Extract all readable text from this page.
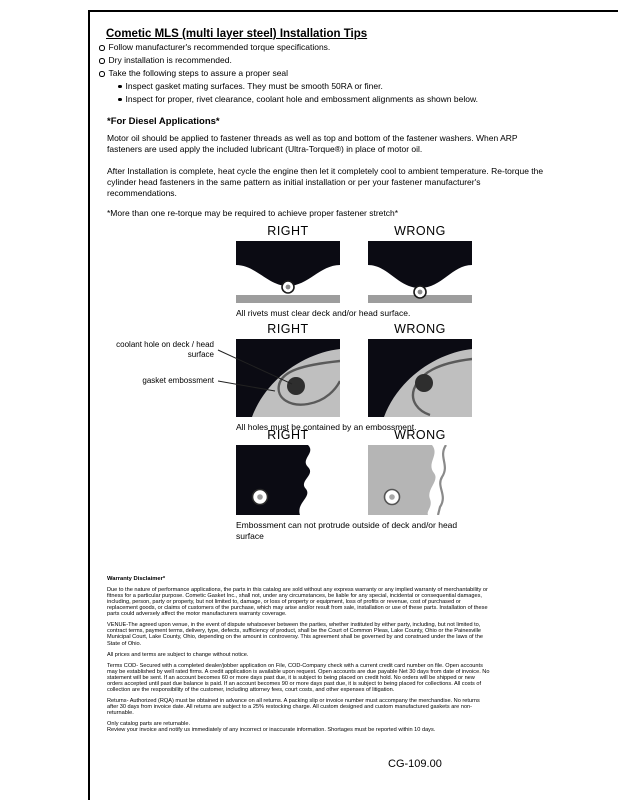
Cometic MLS (multi layer steel) Installation Tips
Follow manufacturer's recommended torque specifications.
Dry installation is recommended.
Take the following steps to assure a proper seal
Inspect gasket mating surfaces. They must be smooth 50RA or finer.
Inspect for proper, rivet clearance, coolant hole and embossment alignments as shown below.
*For Diesel Applications*
Motor oil should be applied to fastener threads as well as top and bottom of the fastener washers. When ARP fasteners are used apply the included lubricant (Ultra-Torque®) in place of motor oil.
After Installation is complete, heat cycle the engine then let it completely cool to ambient temperature. Re-torque the cylinder head fasteners in the same pattern as initial installation or per your fastener manufacturer's recommendations.
*More than one re-torque may be required to achieve proper fastener stretch*
RIGHT	WRONG
All rivets must clear deck and/or head surface.
RIGHT	WRONG
All holes must be contained by an embossment.
coolant hole on deck / head surface
gasket embossment
RIGHT	WRONG
Embossment can not protrude outside of deck and/or head surface
Warranty Disclaimer*

Due to the nature of performance applications, the parts in this catalog are sold without any express warranty or any implied warranty of merchantability or fitness for a particular purpose. Cometic Gasket Inc., shall not, under any circumstances, be liable for any special, incidental or consequential damages, including, person, party or property, but not limited to, damage, or loss of property or equipment, loss of profits or revenue, cost of purchased or replacement goods, or claims of customers of the purchase, which may arise and/or result from sale, installation or use of these parts. Installation of these parts could adversely affect the motor manufacturers warranty coverage.

VENUE-The agreed upon venue, in the event of dispute whatsoever between the parties, whether instituted by either party, including, but not limited to, contract terms, payment terms, delivery, type, defects, sufficiency of product, shall be the Court of Common Pleas, Lake County, Ohio or the Painesville Municipal Court, Lake County, Ohio, depending on the amount in controversy. This agreement shall be governed by and construed under the laws of the State of Ohio.

All prices and terms are subject to change without notice.

Terms COD- Secured with a completed dealer/jobber application on File, COD-Company check with a current credit card number on file. Open accounts may be established by well rated firms. A credit application is available upon request. Open accounts are due payable Net 30 days from date of invoice. No statement will be sent. If an account becomes 60 or more days past due, it is subject to being placed on credit hold. No orders will be shipped or new orders accepted until past due balance is paid. If an account becomes 90 or more days past due, it is subject to being placed for collections. All costs of collection are the responsibility of the customer, including attorney fees, court costs, and other expenses of litigation.

Returns- Authorized (RQA) must be obtained in advance on all returns. A packing slip or invoice number must accompany the merchandise. No returns after 30 days from invoice date. All returns are subject to a 25% restocking charge. All custom designed and custom manufactured gaskets are non-returnable.

Only catalog parts are returnable.

Review your invoice and notify us immediately of any incorrect or inaccurate information. Shortages must be reported within 10 days.

CG-109.00
